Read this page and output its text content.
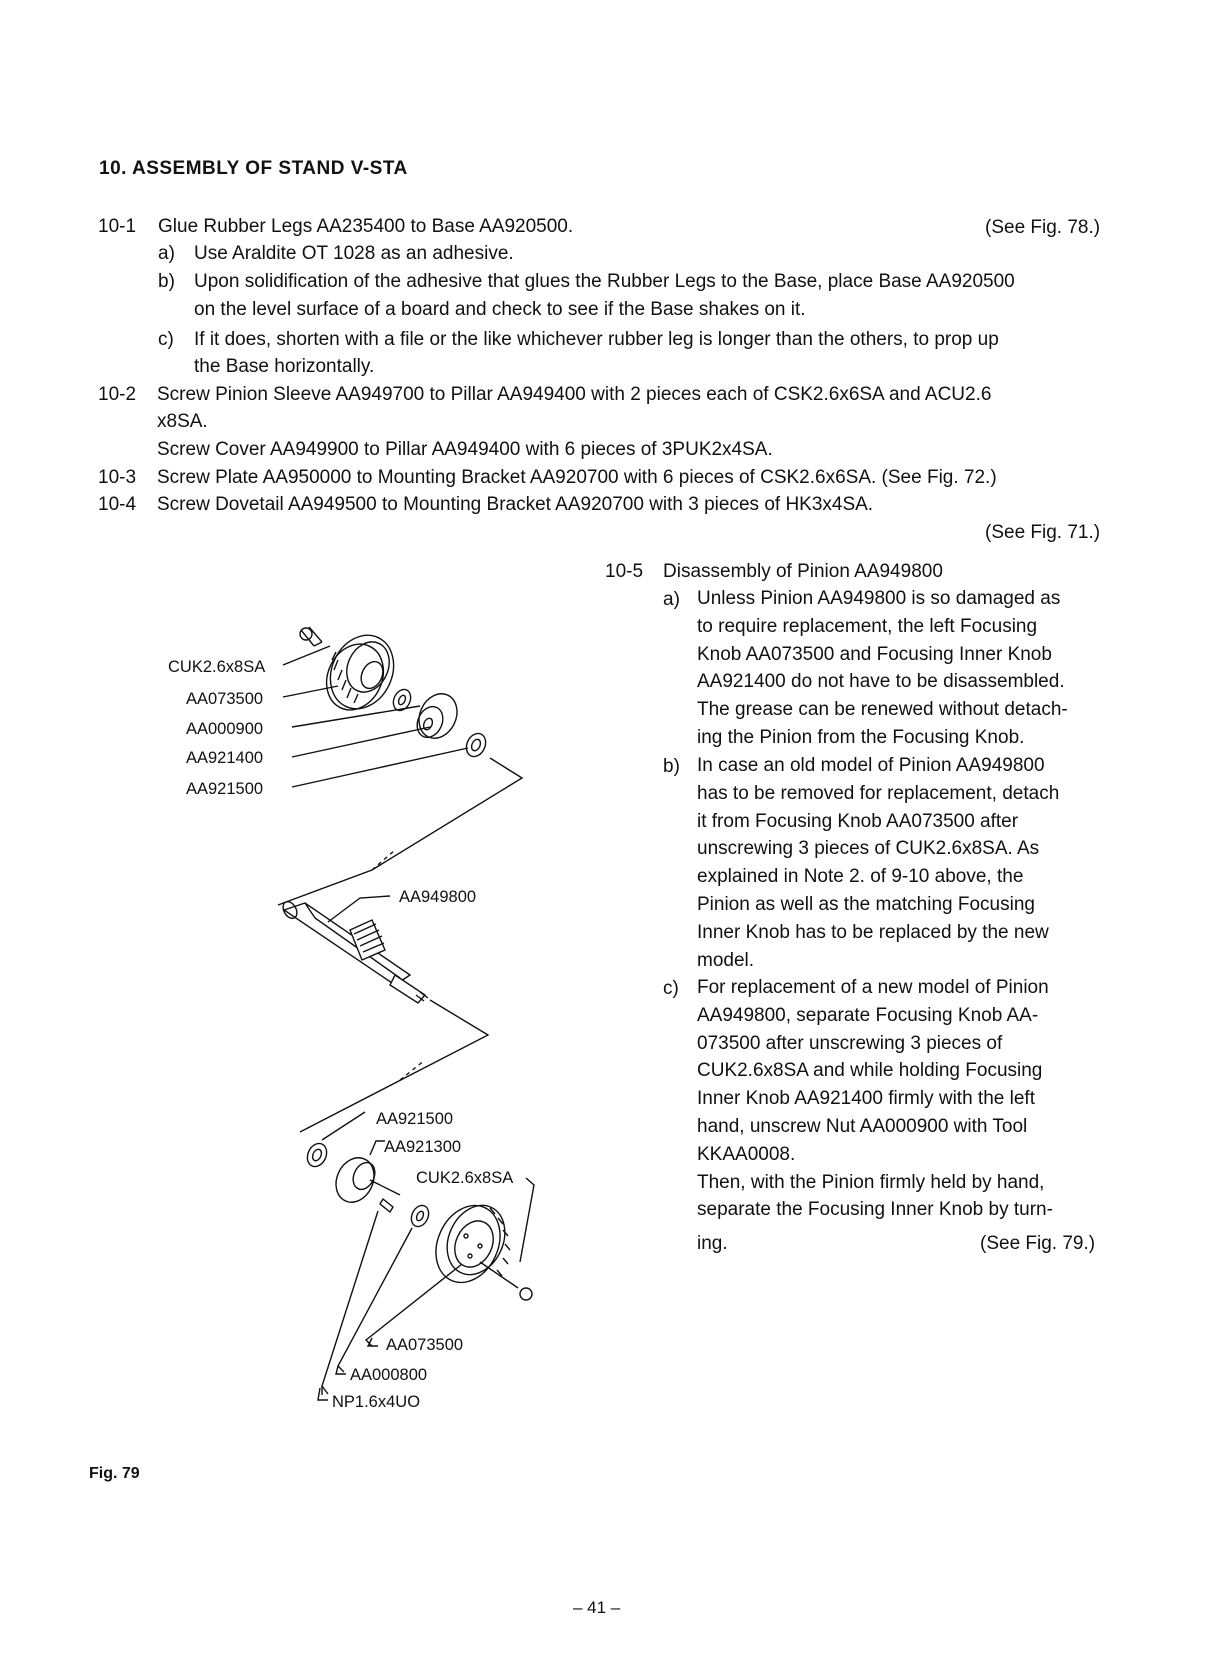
10. ASSEMBLY OF STAND V-STA
10-1 Glue Rubber Legs AA235400 to Base AA920500.	(See Fig. 78.)
a) Use Araldite OT 1028 as an adhesive.
b) Upon solidification of the adhesive that glues the Rubber Legs to the Base, place Base AA920500
on the level surface of a board and check to see if the Base shakes on it.
c) If it does, shorten with a file or the like whichever rubber leg is longer than the others, to prop up
the Base horizontally.
10-2 Screw Pinion Sleeve AA949700 to Pillar AA949400 with 2 pieces each of CSK2.6x6SA and ACU2.6
x8SA.
Screw Cover AA949900 to Pillar AA949400 with 6 pieces of 3PUK2x4SA.
10-3 Screw Plate AA950000 to Mounting Bracket AA920700 with 6 pieces of CSK2.6x6SA. (See Fig. 72.)
10-4 Screw Dovetail AA949500 to Mounting Bracket AA920700 with 3 pieces of HK3x4SA.
(See Fig. 71.)
10-5 Disassembly of Pinion AA949800
a) Unless Pinion AA949800 is so damaged as
to require replacement, the left Focusing
Knob AA073500 and Focusing Inner Knob
AA921400 do not have to be disassembled.
The grease can be renewed without detach-
ing the Pinion from the Focusing Knob.
b) In case an old model of Pinion AA949800
has to be removed for replacement, detach
it from Focusing Knob AA073500 after
unscrewing 3 pieces of CUK2.6x8SA. As
explained in Note 2. of 9-10 above, the
Pinion as well as the matching Focusing
Inner Knob has to be replaced by the new
model.
c) For replacement of a new model of Pinion
AA949800, separate Focusing Knob AA-
073500 after unscrewing 3 pieces of
CUK2.6x8SA and while holding Focusing
Inner Knob AA921400 firmly with the left
hand, unscrew Nut AA000900 with Tool
KKAA0008.
Then, with the Pinion firmly held by hand,
separate the Focusing Inner Knob by turn-
ing.	(See Fig. 79.)
CUK2.6x8SA
AA073500
AA000900
AA921400
AA921500
AA949800
AA921500
AA921300
CUK2.6x8SA
AA073500
AA000800
NP1.6x4UO
Fig. 79
– 41 –
